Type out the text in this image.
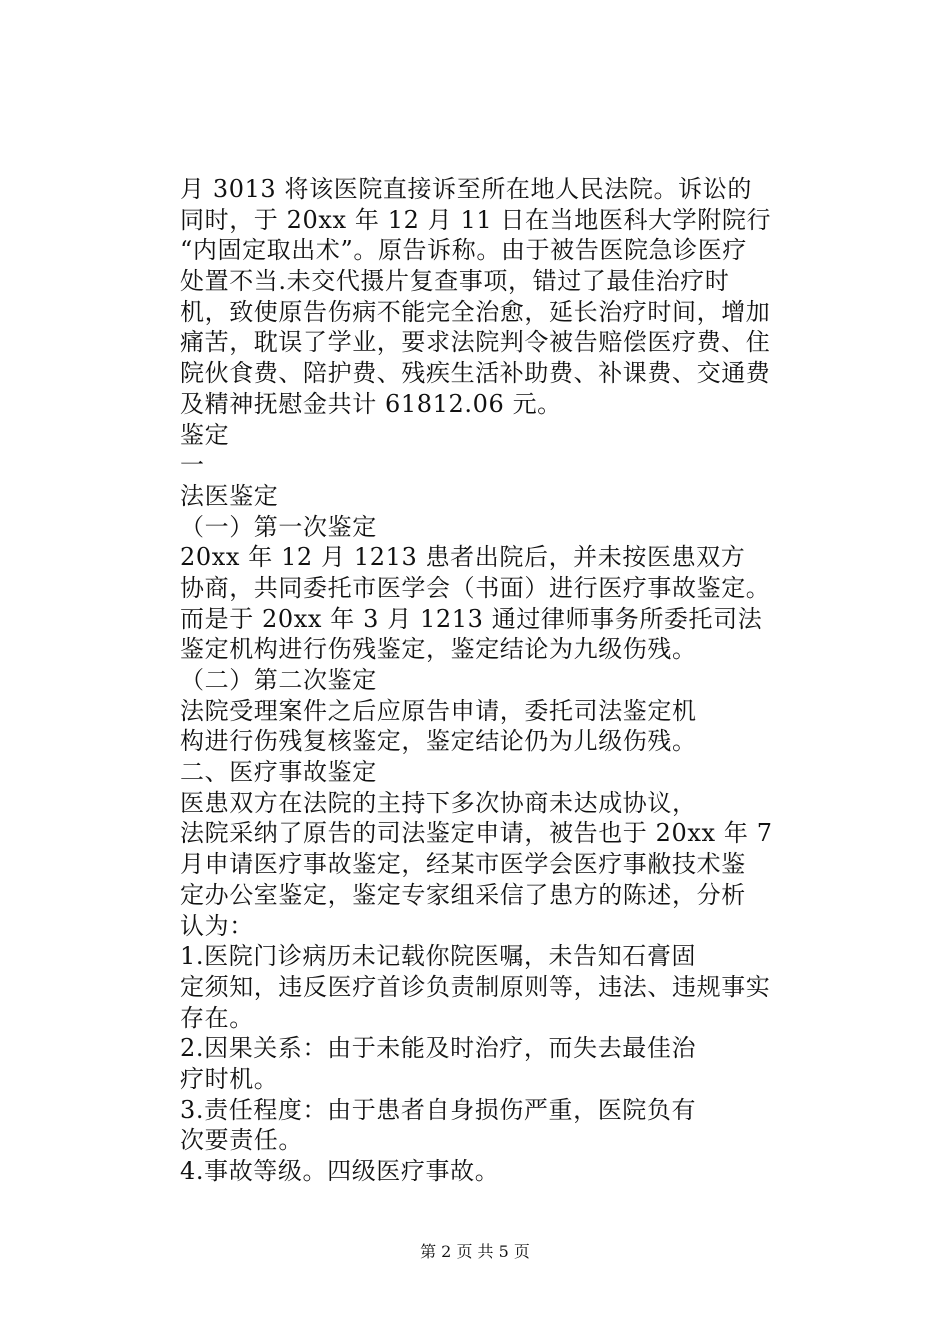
月 3013 将该医院直接诉至所在地人民法院。诉讼的
同时，于 20xx 年 12 月 11 日在当地医科大学附院行
“内固定取出术”。原告诉称。由于被告医院急诊医疗
处置不当.未交代摄片复查事项，错过了最佳治疗时
机，致使原告伤病不能完全治愈，延长治疗时间，增加
痛苦，耽误了学业，要求法院判令被告赔偿医疗费、住
院伙食费、陪护费、残疾生活补助费、补课费、交通费
及精神抚慰金共计 61812.06 元。
鉴定
一
法医鉴定
（一）第一次鉴定
20xx 年 12 月 1213 患者出院后，并未按医患双方
协商，共同委托市医学会（书面）进行医疗事故鉴定。
而是于 20xx 年 3 月 1213 通过律师事务所委托司法
鉴定机构进行伤残鉴定，鉴定结论为九级伤残。
（二）第二次鉴定
法院受理案件之后应原告申请，委托司法鉴定机
构进行伤残复核鉴定，鉴定结论仍为儿级伤残。
二、医疗事故鉴定
医患双方在法院的主持下多次协商未达成协议，
法院采纳了原告的司法鉴定申请，被告也于 20xx 年 7
月申请医疗事故鉴定，经某市医学会医疗事敝技术鉴
定办公室鉴定，鉴定专家组采信了患方的陈述，分析
认为：
1.医院门诊病历未记载你院医嘱，未告知石膏固
定须知，违反医疗首诊负责制原则等，违法、违规事实
存在。
2.因果关系：由于未能及时治疗，而失去最佳治
疗时机。
3.责任程度：由于患者自身损伤严重，医院负有
次要责任。
4.事故等级。四级医疗事故。
第 2 页 共 5 页
